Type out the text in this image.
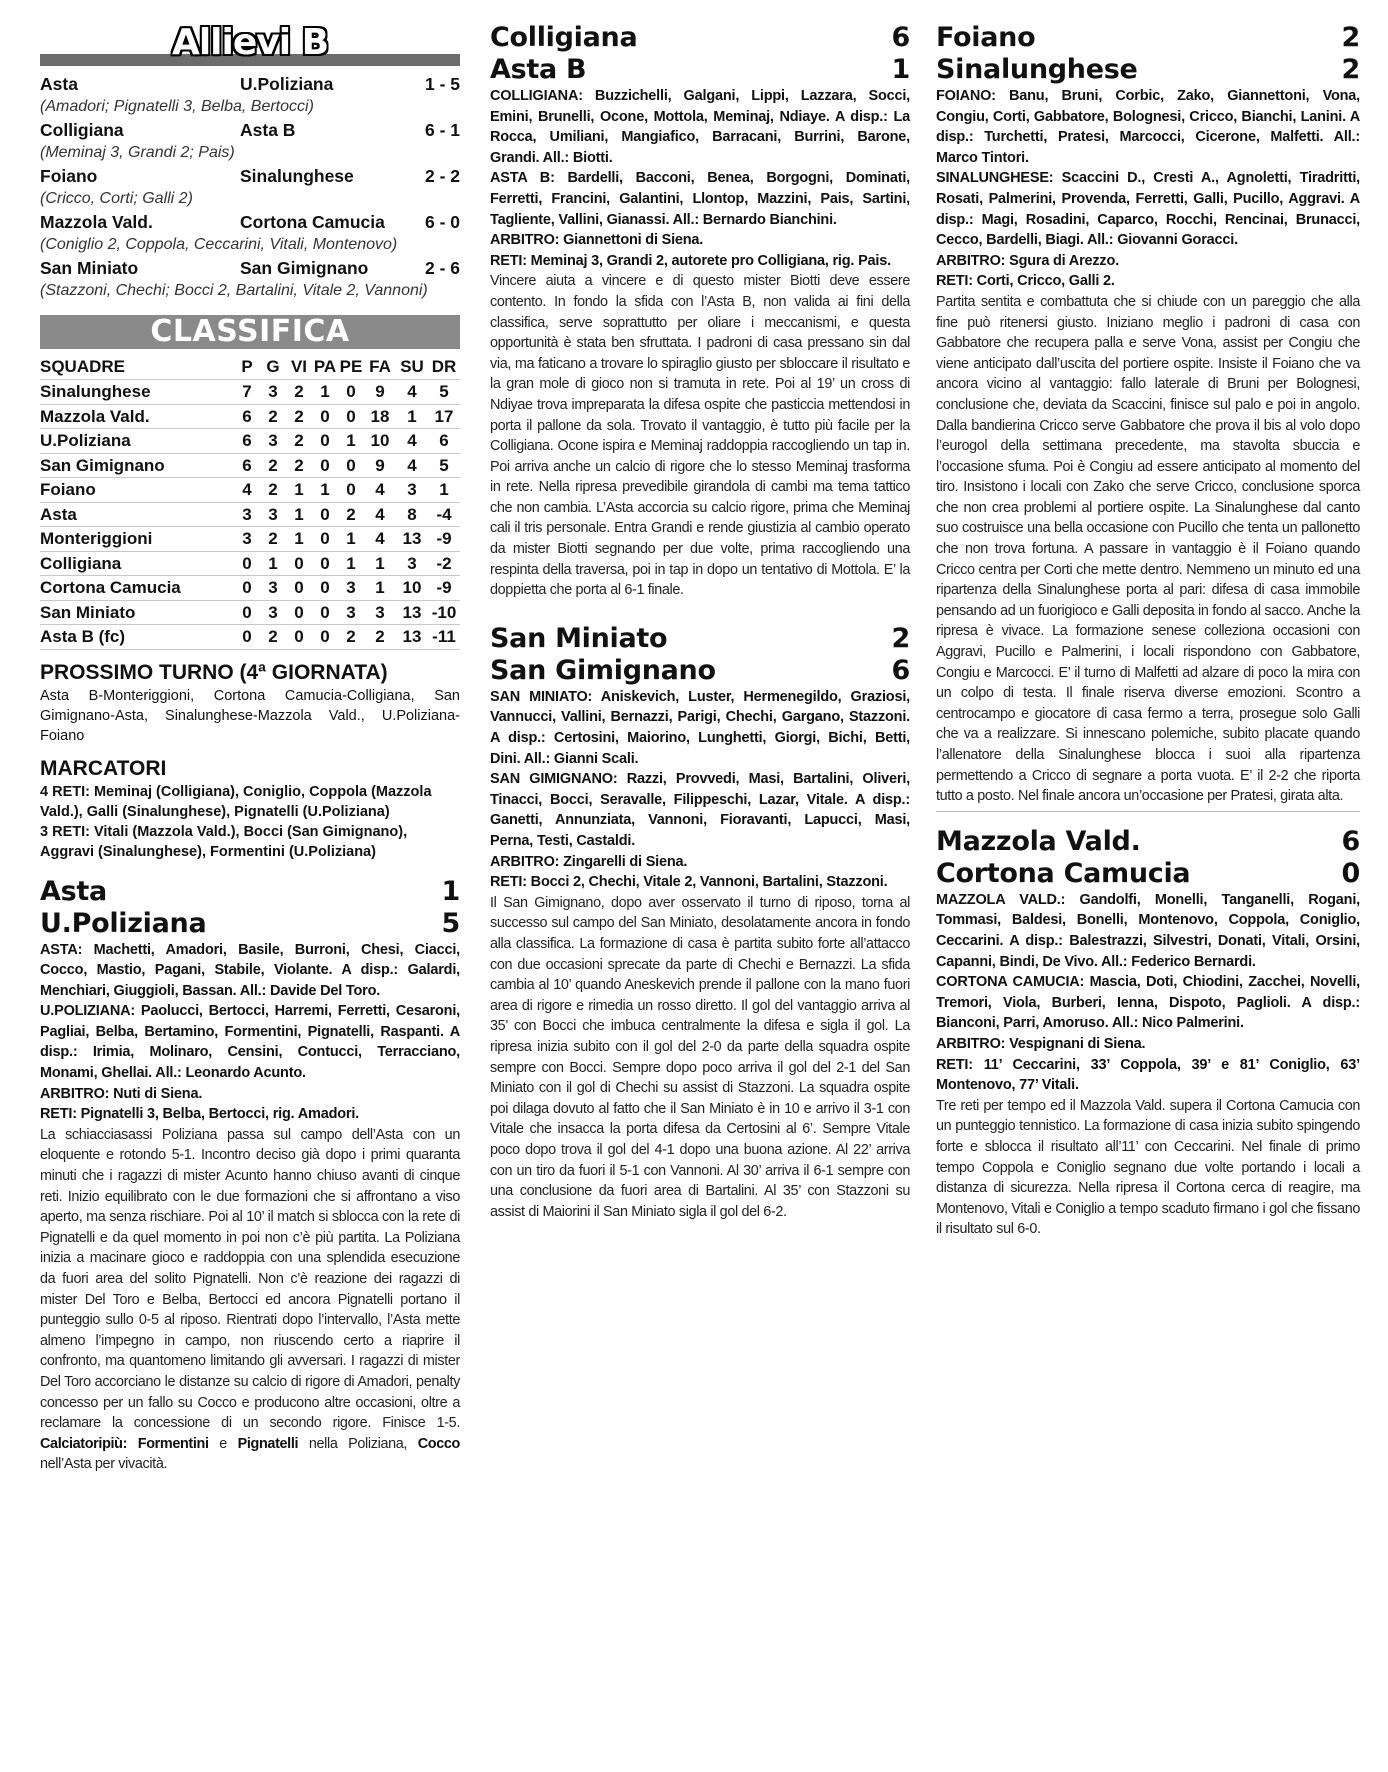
Allievi B
Asta	U.Poliziana	1 - 5
(Amadori; Pignatelli 3, Belba, Bertocci)
Colligiana	Asta B	6 - 1
(Meminaj 3, Grandi 2; Pais)
Foiano	Sinalunghese	2 - 2
(Cricco, Corti; Galli 2)
Mazzola Vald.	Cortona Camucia	6 - 0
(Coniglio 2, Coppola, Ceccarini, Vitali, Montenovo)
San Miniato	San Gimignano	2 - 6
(Stazzoni, Chechi; Bocci 2, Bartalini, Vitale 2, Vannoni)
CLASSIFICA
SQUADRE	P	G	VI	PA	PE	FA	SU	DR
Sinalunghese	7	3	2	1	0	9	4	5
Mazzola Vald.	6	2	2	0	0	18	1	17
U.Poliziana	6	3	2	0	1	10	4	6
San Gimignano	6	2	2	0	0	9	4	5
Foiano	4	2	1	1	0	4	3	1
Asta	3	3	1	0	2	4	8	-4
Monteriggioni	3	2	1	0	1	4	13	-9
Colligiana	0	1	0	0	1	1	3	-2
Cortona Camucia	0	3	0	0	3	1	10	-9
San Miniato	0	3	0	0	3	3	13	-10
Asta B (fc)	0	2	0	0	2	2	13	-11
PROSSIMO TURNO (4ª GIORNATA)
Asta B-Monteriggioni, Cortona Camucia-Colligiana, San Gimignano-Asta, Sinalunghese-Mazzola Vald., U.Poliziana-Foiano
MARCATORI
4 RETI: Meminaj (Colligiana), Coniglio, Coppola (Mazzola Vald.), Galli (Sinalunghese), Pignatelli (U.Poliziana)
3 RETI: Vitali (Mazzola Vald.), Bocci (San Gimignano), Aggravi (Sinalunghese), Formentini (U.Poliziana)
Asta	1
U.Poliziana	5
ASTA: Machetti, Amadori, Basile, Burroni, Chesi, Ciacci, Cocco, Mastio, Pagani, Stabile, Violante. A disp.: Galardi, Menchiari, Giuggioli, Bassan. All.: Davide Del Toro.
U.POLIZIANA: Paolucci, Bertocci, Harremi, Ferretti, Cesaroni, Pagliai, Belba, Bertamino, Formentini, Pignatelli, Raspanti. A disp.: Irimia, Molinaro, Censini, Contucci, Terracciano, Monami, Ghellai. All.: Leonardo Acunto.
ARBITRO: Nuti di Siena.
RETI: Pignatelli 3, Belba, Bertocci, rig. Amadori.
La schiacciasassi Poliziana passa sul campo dell’Asta con un eloquente e rotondo 5-1. Incontro deciso già dopo i primi quaranta minuti che i ragazzi di mister Acunto hanno chiuso avanti di cinque reti. Inizio equilibrato con le due formazioni che si affrontano a viso aperto, ma senza rischiare. Poi al 10’ il match si sblocca con la rete di Pignatelli e da quel momento in poi non c’è più partita. La Poliziana inizia a macinare gioco e raddoppia con una splendida esecuzione da fuori area del solito Pignatelli. Non c’è reazione dei ragazzi di mister Del Toro e Belba, Bertocci ed ancora Pignatelli portano il punteggio sullo 0-5 al riposo. Rientrati dopo l’intervallo, l’Asta mette almeno l’impegno in campo, non riuscendo certo a riaprire il confronto, ma quantomeno limitando gli avversari. I ragazzi di mister Del Toro accorciano le distanze su calcio di rigore di Amadori, penalty concesso per un fallo su Cocco e producono altre occasioni, oltre a reclamare la concessione di un secondo rigore. Finisce 1-5. Calciatoripiù: Formentini e Pignatelli nella Poliziana, Cocco nell’Asta per vivacità.
Colligiana	6
Asta B	1
COLLIGIANA: Buzzichelli, Galgani, Lippi, Lazzara, Socci, Emini, Brunelli, Ocone, Mottola, Meminaj, Ndiaye. A disp.: La Rocca, Umiliani, Mangiafico, Barracani, Burrini, Barone, Grandi. All.: Biotti.
ASTA B: Bardelli, Bacconi, Benea, Borgogni, Dominati, Ferretti, Francini, Galantini, Llontop, Mazzini, Pais, Sartini, Tagliente, Vallini, Gianassi. All.: Bernardo Bianchini.
ARBITRO: Giannettoni di Siena.
RETI: Meminaj 3, Grandi 2, autorete pro Colligiana, rig. Pais.
Vincere aiuta a vincere e di questo mister Biotti deve essere contento. In fondo la sfida con l’Asta B, non valida ai fini della classifica, serve soprattutto per oliare i meccanismi, e questa opportunità è stata ben sfruttata. I padroni di casa pressano sin dal via, ma faticano a trovare lo spiraglio giusto per sbloccare il risultato e la gran mole di gioco non si tramuta in rete. Poi al 19’ un cross di Ndiyae trova impreparata la difesa ospite che pasticcia mettendosi in porta il pallone da sola. Trovato il vantaggio, è tutto più facile per la Colligiana. Ocone ispira e Meminaj raddoppia raccogliendo un tap in. Poi arriva anche un calcio di rigore che lo stesso Meminaj trasforma in rete. Nella ripresa prevedibile girandola di cambi ma tema tattico che non cambia. L’Asta accorcia su calcio rigore, prima che Meminaj cali il tris personale. Entra Grandi e rende giustizia al cambio operato da mister Biotti segnando per due volte, prima raccogliendo una respinta della traversa, poi in tap in dopo un tentativo di Mottola. E’ la doppietta che porta al 6-1 finale.
San Miniato	2
San Gimignano	6
SAN MINIATO: Aniskevich, Luster, Hermenegildo, Graziosi, Vannucci, Vallini, Bernazzi, Parigi, Chechi, Gargano, Stazzoni. A disp.: Certosini, Maiorino, Lunghetti, Giorgi, Bichi, Betti, Dini. All.: Gianni Scali.
SAN GIMIGNANO: Razzi, Provvedi, Masi, Bartalini, Oliveri, Tinacci, Bocci, Seravalle, Filippeschi, Lazar, Vitale. A disp.: Ganetti, Annunziata, Vannoni, Fioravanti, Lapucci, Masi, Perna, Testi, Castaldi.
ARBITRO: Zingarelli di Siena.
RETI: Bocci 2, Chechi, Vitale 2, Vannoni, Bartalini, Stazzoni.
Il San Gimignano, dopo aver osservato il turno di riposo, torna al successo sul campo del San Miniato, desolatamente ancora in fondo alla classifica. La formazione di casa è partita subito forte all’attacco con due occasioni sprecate da parte di Chechi e Bernazzi. La sfida cambia al 10’ quando Aneskevich prende il pallone con la mano fuori area di rigore e rimedia un rosso diretto. Il gol del vantaggio arriva al 35’ con Bocci che imbuca centralmente la difesa e sigla il gol. La ripresa inizia subito con il gol del 2-0 da parte della squadra ospite sempre con Bocci. Sempre dopo poco arriva il gol del 2-1 del San Miniato con il gol di Chechi su assist di Stazzoni. La squadra ospite poi dilaga dovuto al fatto che il San Miniato è in 10 e arrivo il 3-1 con Vitale che insacca la porta difesa da Certosini al 6’. Sempre Vitale poco dopo trova il gol del 4-1 dopo una buona azione. Al 22’ arriva con un tiro da fuori il 5-1 con Vannoni. Al 30’ arriva il 6-1 sempre con una conclusione da fuori area di Bartalini. Al 35’ con Stazzoni su assist di Maiorini il San Miniato sigla il gol del 6-2.
Foiano	2
Sinalunghese	2
FOIANO: Banu, Bruni, Corbic, Zako, Giannettoni, Vona, Congiu, Corti, Gabbatore, Bolognesi, Cricco, Bianchi, Lanini. A disp.: Turchetti, Pratesi, Marcocci, Cicerone, Malfetti. All.: Marco Tintori.
SINALUNGHESE: Scaccini D., Cresti A., Agnoletti, Tiradritti, Rosati, Palmerini, Provenda, Ferretti, Galli, Pucillo, Aggravi. A disp.: Magi, Rosadini, Caparco, Rocchi, Rencinai, Brunacci, Cecco, Bardelli, Biagi. All.: Giovanni Goracci.
ARBITRO: Sgura di Arezzo.
RETI: Corti, Cricco, Galli 2.
Partita sentita e combattuta che si chiude con un pareggio che alla fine può ritenersi giusto. Iniziano meglio i padroni di casa con Gabbatore che recupera palla e serve Vona, assist per Congiu che viene anticipato dall’uscita del portiere ospite. Insiste il Foiano che va ancora vicino al vantaggio: fallo laterale di Bruni per Bolognesi, conclusione che, deviata da Scaccini, finisce sul palo e poi in angolo. Dalla bandierina Cricco serve Gabbatore che prova il bis al volo dopo l’eurogol della settimana precedente, ma stavolta sbuccia e l’occasione sfuma. Poi è Congiu ad essere anticipato al momento del tiro. Insistono i locali con Zako che serve Cricco, conclusione sporca che non crea problemi al portiere ospite. La Sinalunghese dal canto suo costruisce una bella occasione con Pucillo che tenta un pallonetto che non trova fortuna. A passare in vantaggio è il Foiano quando Cricco centra per Corti che mette dentro. Nemmeno un minuto ed una ripartenza della Sinalunghese porta al pari: difesa di casa immobile pensando ad un fuorigioco e Galli deposita in fondo al sacco. Anche la ripresa è vivace. La formazione senese colleziona occasioni con Aggravi, Pucillo e Palmerini, i locali rispondono con Gabbatore, Congiu e Marcocci. E’ il turno di Malfetti ad alzare di poco la mira con un colpo di testa. Il finale riserva diverse emozioni. Scontro a centrocampo e giocatore di casa fermo a terra, prosegue solo Galli che va a realizzare. Si innescano polemiche, subito placate quando l’allenatore della Sinalunghese blocca i suoi alla ripartenza permettendo a Cricco di segnare a porta vuota. E’ il 2-2 che riporta tutto a posto. Nel finale ancora un’occasione per Pratesi, girata alta.
Mazzola Vald.	6
Cortona Camucia	0
MAZZOLA VALD.: Gandolfi, Monelli, Tanganelli, Rogani, Tommasi, Baldesi, Bonelli, Montenovo, Coppola, Coniglio, Ceccarini. A disp.: Balestrazzi, Silvestri, Donati, Vitali, Orsini, Capanni, Bindi, De Vivo. All.: Federico Bernardi.
CORTONA CAMUCIA: Mascia, Doti, Chiodini, Zacchei, Novelli, Tremori, Viola, Burberi, Ienna, Dispoto, Paglioli. A disp.: Bianconi, Parri, Amoruso. All.: Nico Palmerini.
ARBITRO: Vespignani di Siena.
RETI: 11’ Ceccarini, 33’ Coppola, 39’ e 81’ Coniglio, 63’ Montenovo, 77’ Vitali.
Tre reti per tempo ed il Mazzola Vald. supera il Cortona Camucia con un punteggio tennistico. La formazione di casa inizia subito spingendo forte e sblocca il risultato all’11’ con Ceccarini. Nel finale di primo tempo Coppola e Coniglio segnano due volte portando i locali a distanza di sicurezza. Nella ripresa il Cortona cerca di reagire, ma Montenovo, Vitali e Coniglio a tempo scaduto firmano i gol che fissano il risultato sul 6-0.
